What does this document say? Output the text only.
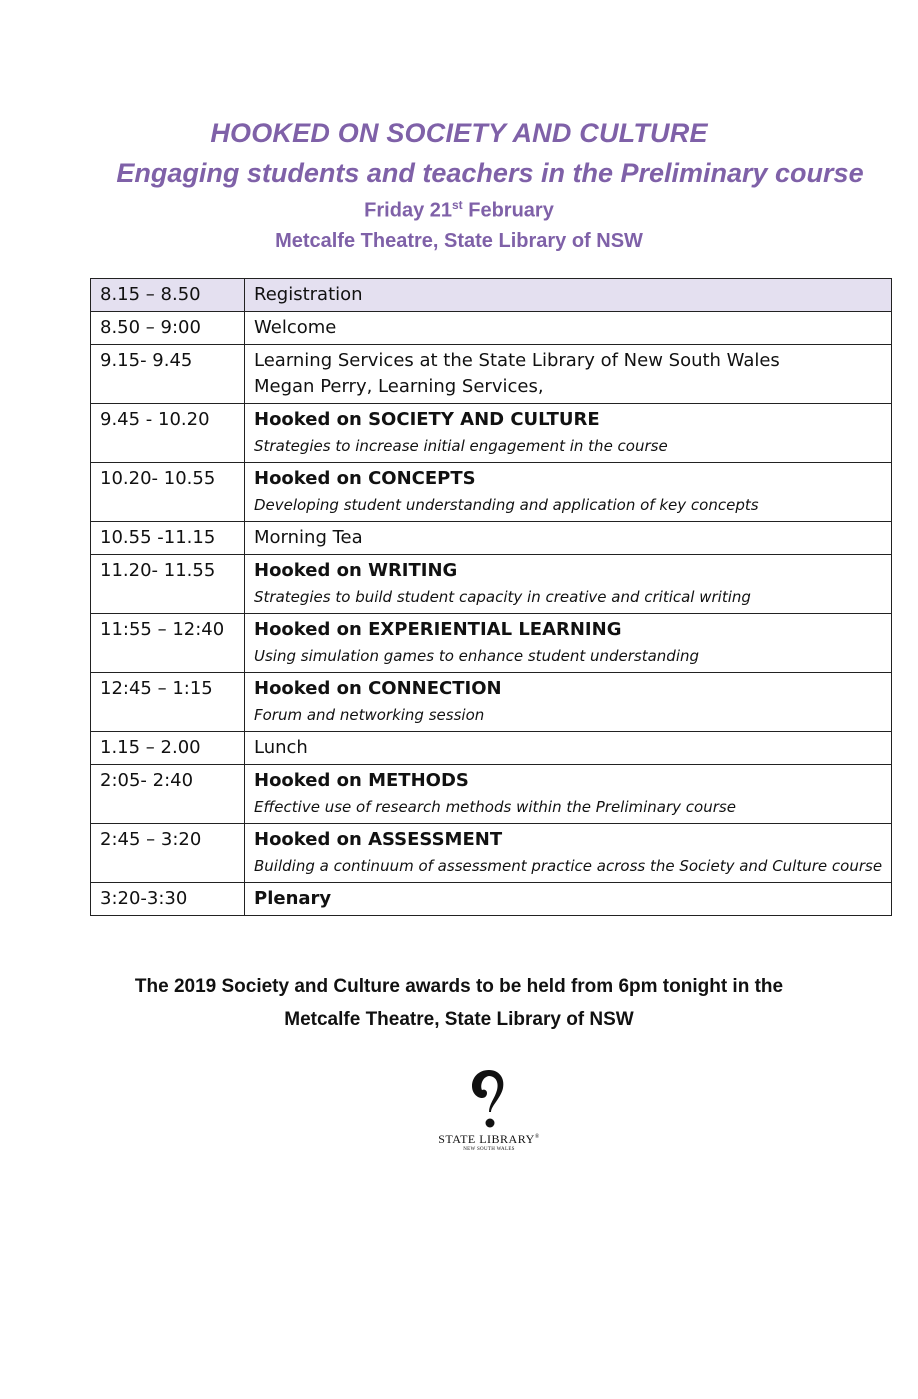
HOOKED ON SOCIETY AND CULTURE
Engaging students and teachers in the Preliminary course
Friday 21st February
Metcalfe Theatre, State Library of NSW
8.15 – 8.50	Registration

8.50 – 9:00	Welcome

9.15- 9.45	Learning Services at the State Library of New South Wales
Megan Perry, Learning Services,

9.45 - 10.20	Hooked on SOCIETY AND CULTURE
Strategies to increase initial engagement in the course

10.20- 10.55	Hooked on CONCEPTS
Developing student understanding and application of key concepts

10.55 -11.15	Morning Tea

11.20- 11.55	Hooked on WRITING
Strategies to build student capacity in creative and critical writing

11:55 – 12:40	Hooked on EXPERIENTIAL LEARNING
Using simulation games to enhance student understanding

12:45 – 1:15	Hooked on CONNECTION
Forum and networking session

1.15 – 2.00	Lunch

2:05- 2:40	Hooked on METHODS
Effective use of research methods within the Preliminary course

2:45 – 3:20	Hooked on ASSESSMENT
Building a continuum of assessment practice across the Society and Culture course

3:20-3:30	Plenary
The 2019 Society and Culture awards to be held from 6pm tonight in the
Metcalfe Theatre, State Library of NSW
STATE LIBRARY®
NEW SOUTH WALES
